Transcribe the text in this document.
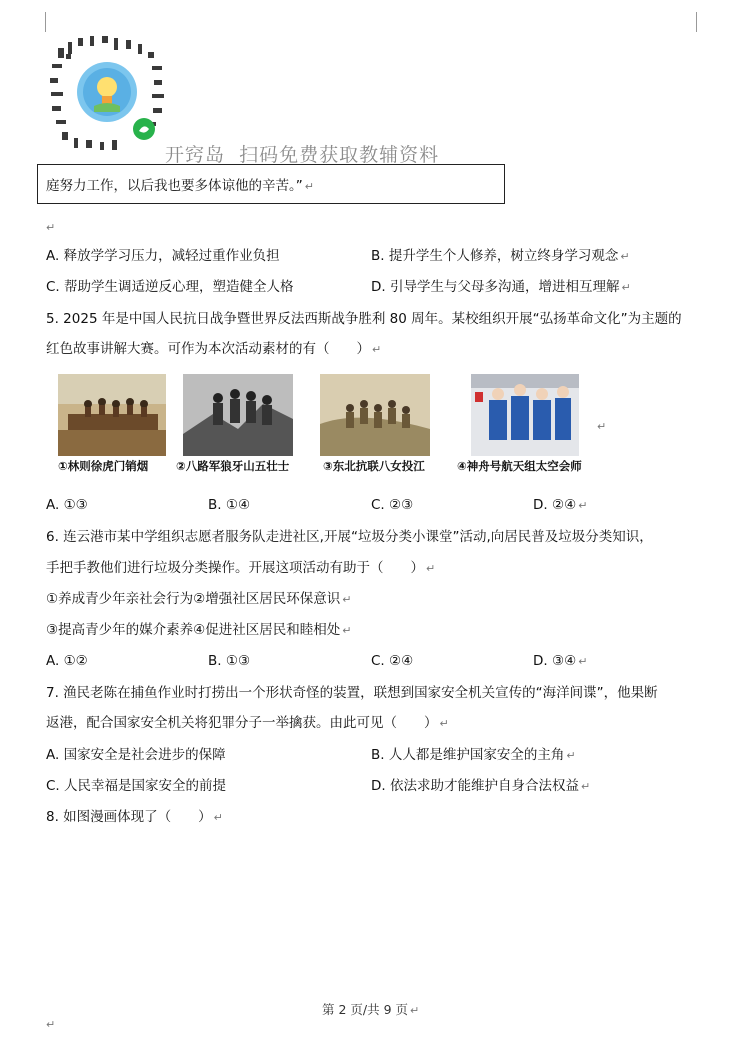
开窍岛  扫码免费获取教辅资料
庭努力工作，以后我也要多体谅他的辛苦。” ↵
↵
A. 释放学学习压力，减轻过重作业负担	B. 提升学生个人修养，树立终身学习观念 ↵
C. 帮助学生调适逆反心理，塑造健全人格	D. 引导学生与父母多沟通，增进相互理解 ↵
5. 2025 年是中国人民抗日战争暨世界反法西斯战争胜利 80 周年。某校组织开展“弘扬革命文化”为主题的
红色故事讲解大赛。可作为本次活动素材的有（　　） ↵
①林则徐虎门销烟 ②八路军狼牙山五壮士	③东北抗联八女投江	④神舟号航天组太空会师
↵
A. ①③	B. ①④	C. ②③	D. ②④ ↵
6. 连云港市某中学组织志愿者服务队走进社区,开展“垃圾分类小课堂”活动,向居民普及垃圾分类知识，
手把手教他们进行垃圾分类操作。开展这项活动有助于（　　） ↵
①养成青少年亲社会行为②增强社区居民环保意识 ↵
③提高青少年的媒介素养④促进社区居民和睦相处 ↵
A. ①②	B. ①③	C. ②④	D. ③④ ↵
7. 渔民老陈在捕鱼作业时打捞出一个形状奇怪的装置，联想到国家安全机关宣传的“海洋间谍”，他果断
返港，配合国家安全机关将犯罪分子一举擒获。由此可见（　　） ↵
A. 国家安全是社会进步的保障	B. 人人都是维护国家安全的主角 ↵
C. 人民幸福是国家安全的前提	D. 依法求助才能维护自身合法权益 ↵
8. 如图漫画体现了（　　） ↵
第 2 页/共 9 页 ↵
↵
